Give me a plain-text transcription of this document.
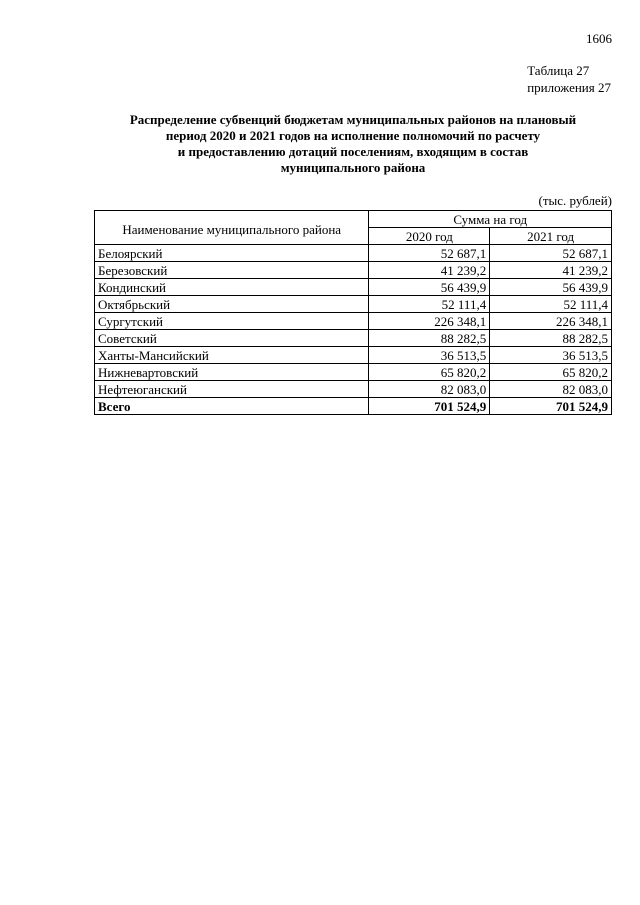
1606
Таблица 27
приложения 27
Распределение субвенций бюджетам муниципальных районов на плановый
период 2020 и 2021 годов на исполнение полномочий по расчету
и предоставлению дотаций поселениям, входящим в состав
муниципального района
(тыс. рублей)
Наименование муниципального района	Сумма на год	
	2020 год	2021 год
Белоярский	52 687,1	52 687,1
Березовский	41 239,2	41 239,2
Кондинский	56 439,9	56 439,9
Октябрьский	52 111,4	52 111,4
Сургутский	226 348,1	226 348,1
Советский	88 282,5	88 282,5
Ханты-Мансийский	36 513,5	36 513,5
Нижневартовский	65 820,2	65 820,2
Нефтеюганский	82 083,0	82 083,0
Всего	701 524,9	701 524,9
